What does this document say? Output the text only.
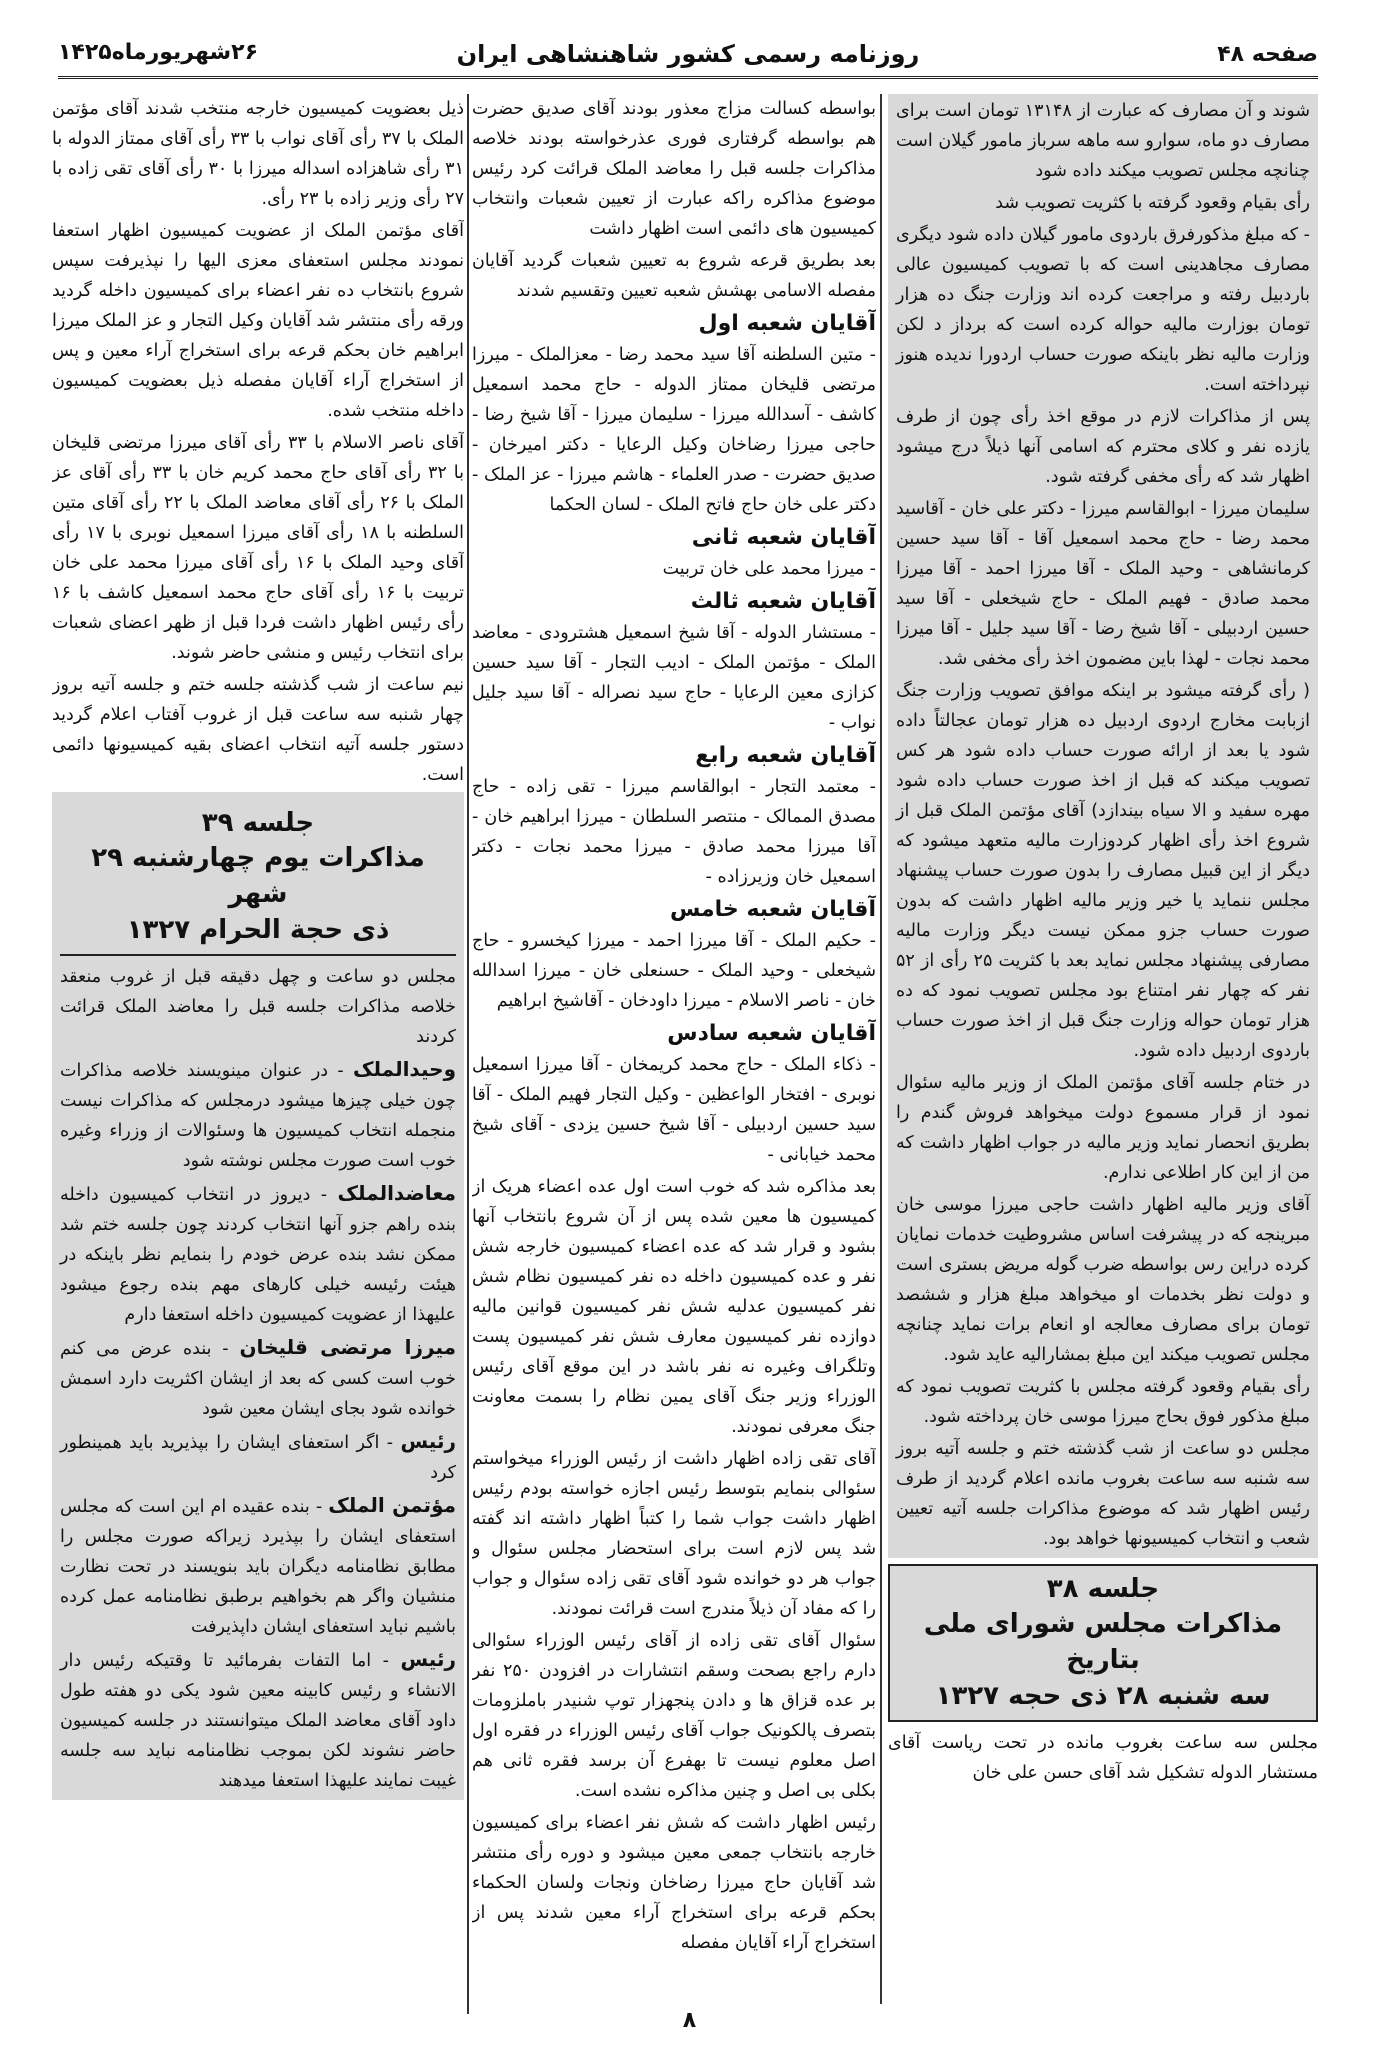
صفحه ۴۸
روزنامه رسمی کشور شاهنشاهی ایران
۲۶شهریورماه۱۴۲۵

شوند و آن مصارف که عبارت از ۱۳۱۴۸ تومان است برای مصارف دو ماه، سوارو سه ماهه سرباز مامور گیلان است چنانچه مجلس تصویب میکند داده شود

رأی بقیام وقعود گرفته با کثریت تصویب شد

- که مبلغ مذکورفرق باردوی مامور گیلان داده شود دیگری مصارف مجاهدینی است که با تصویب کمیسیون عالی باردبیل رفته و مراجعت کرده اند وزارت جنگ ده هزار تومان بوزارت مالیه حواله کرده است که برداز د لکن وزارت مالیه نظر باینکه صورت حساب اردورا ندیده هنوز نپرداخته است.

پس از مذاکرات لازم در موقع اخذ رأی چون از طرف یازده نفر و کلای محترم که اسامی آنها ذیلاً درج میشود اظهار شد که رأی مخفی گرفته شود.

سلیمان میرزا - ابوالقاسم میرزا - دکتر علی خان - آقاسید محمد رضا - حاج محمد اسمعیل آقا - آقا سید حسین کرمانشاهی - وحید الملک - آقا میرزا احمد - آقا میرزا محمد صادق - فهیم الملک - حاج شیخعلی - آقا سید حسین اردبیلی - آقا شیخ رضا - آقا سید جلیل - آقا میرزا محمد نجات - لهذا باین مضمون اخذ رأی مخفی شد.

( رأی گرفته میشود بر اینکه موافق تصویب وزارت جنگ ازبابت مخارج اردوی اردبیل ده هزار تومان عجالتاً داده شود یا بعد از ارائه صورت حساب داده شود هر کس تصویب میکند که قبل از اخذ صورت حساب داده شود مهره سفید و الا سیاه بیندازد) آقای مؤتمن الملک قبل از شروع اخذ رأی اظهار کردوزارت مالیه متعهد میشود که دیگر از این قبیل مصارف را بدون صورت حساب پیشنهاد مجلس ننماید یا خیر وزیر مالیه اظهار داشت که بدون صورت حساب جزو ممکن نیست دیگر وزارت مالیه مصارفی پیشنهاد مجلس نماید بعد با کثریت ۲۵ رأی از ۵۲ نفر که چهار نفر امتناع بود مجلس تصویب نمود که ده هزار تومان حواله وزارت جنگ قبل از اخذ صورت حساب باردوی اردبیل داده شود.

در ختام جلسه آقای مؤتمن الملک از وزیر مالیه سئوال نمود از قرار مسموع دولت میخواهد فروش گندم را بطریق انحصار نماید وزیر مالیه در جواب اظهار داشت که من از این کار اطلاعی ندارم.

آقای وزیر مالیه اظهار داشت حاجی میرزا موسی خان مبرینجه که در پیشرفت اساس مشروطیت خدمات نمایان کرده دراین رس بواسطه ضرب گوله مریض بستری است و دولت نظر بخدمات او میخواهد مبلغ هزار و ششصد تومان برای مصارف معالجه او انعام برات نماید چنانچه مجلس تصویب میکند این مبلغ بمشارالیه عاید شود.

رأی بقیام وقعود گرفته مجلس با کثریت تصویب نمود که مبلغ مذکور فوق بحاج میرزا موسی خان پرداخته شود.

مجلس دو ساعت از شب گذشته ختم و جلسه آتیه بروز سه شنبه سه ساعت بغروب مانده اعلام گردید از طرف رئیس اظهار شد که موضوع مذاکرات جلسه آتیه تعیین شعب و انتخاب کمیسیونها خواهد بود.

جلسه ۳۸
مذاکرات مجلس شورای ملی بتاریخ
سه شنبه ۲۸ ذی حجه ۱۳۲۷

مجلس سه ساعت بغروب مانده در تحت ریاست آقای مستشار الدوله تشکیل شد آقای حسن علی خان

بواسطه کسالت مزاج معذور بودند آقای صدیق حضرت هم بواسطه گرفتاری فوری عذرخواسته بودند خلاصه مذاکرات جلسه قبل را معاضد الملک قرائت کرد رئیس موضوع مذاکره راکه عبارت از تعیین شعبات وانتخاب کمیسیون های دائمی است اظهار داشت

بعد بطریق قرعه شروع به تعیین شعبات گردید آقایان مفصله الاسامی بهشش شعبه تعیین وتقسیم شدند

آقایان شعبه اول

- متین السلطنه آقا سید محمد رضا - معزالملک - میرزا مرتضی قلیخان ممتاز الدوله - حاج محمد اسمعیل کاشف - آسدالله میرزا - سلیمان میرزا - آقا شیخ رضا - حاجی میرزا رضاخان وکیل الرعایا - دکتر امیرخان - صدیق حضرت - صدر العلماء - هاشم میرزا - عز الملک - دکتر علی خان حاج فاتح الملک - لسان الحکما

آقایان شعبه ثانی

- میرزا محمد علی خان تربیت

آقایان شعبه ثالث

- مستشار الدوله - آقا شیخ اسمعیل هشترودی - معاضد الملک - مؤتمن الملک - ادیب التجار - آقا سید حسین کزازی معین الرعایا - حاج سید نصراله - آقا سید جلیل نواب -

آقایان شعبه رابع

- معتمد التجار - ابوالقاسم میرزا - تقی زاده - حاج مصدق الممالک - منتصر السلطان - میرزا ابراهیم خان - آقا میرزا محمد صادق - میرزا محمد نجات - دکتر اسمعیل خان وزیرزاده -

آقایان شعبه خامس

- حکیم الملک - آقا میرزا احمد - میرزا کیخسرو - حاج شیخعلی - وحید الملک - حسنعلی خان - میرزا اسدالله خان - ناصر الاسلام - میرزا داودخان - آقاشیخ ابراهیم

آقایان شعبه سادس

- ذکاء الملک - حاج محمد کریمخان - آقا میرزا اسمعیل نوبری - افتخار الواعظین - وکیل التجار فهیم الملک - آقا سید حسین اردبیلی - آقا شیخ حسین یزدی - آقای شیخ محمد خیابانی -

بعد مذاکره شد که خوب است اول عده اعضاء هریک از کمیسیون ها معین شده پس از آن شروع بانتخاب آنها بشود و قرار شد که عده اعضاء کمیسیون خارجه شش نفر و عده کمیسیون داخله ده نفر کمیسیون نظام شش نفر کمیسیون عدلیه شش نفر کمیسیون قوانین مالیه دوازده نفر کمیسیون معارف شش نفر کمیسیون پست وتلگراف وغیره نه نفر باشد در این موقع آقای رئیس الوزراء وزیر جنگ آقای یمین نظام را بسمت معاونت جنگ معرفی نمودند.

آقای تقی زاده اظهار داشت از رئیس الوزراء میخواستم سئوالی بنمایم بتوسط رئیس اجازه خواسته بودم رئیس اظهار داشت جواب شما را کتباً اظهار داشته اند گفته شد پس لازم است برای استحضار مجلس سئوال و جواب هر دو خوانده شود آقای تقی زاده سئوال و جواب را که مفاد آن ذیلاً مندرج است قرائت نمودند.

سئوال آقای تقی زاده از آقای رئیس الوزراء سئوالی دارم راجع بصحت وسقم انتشارات در افزودن ۲۵۰ نفر بر عده قزاق ها و دادن پنجهزار توپ شنیدر باملزومات بتصرف پالکونیک جواب آقای رئیس الوزراء در فقره اول اصل معلوم نیست تا بهفرع آن برسد فقره ثانی هم بکلی بی اصل و چنین مذاکره نشده است.

رئیس اظهار داشت که شش نفر اعضاء برای کمیسیون خارجه بانتخاب جمعی معین میشود و دوره رأی منتشر شد آقایان حاج میرزا رضاخان ونجات ولسان الحکماء بحکم قرعه برای استخراج آراء معین شدند پس از استخراج آراء آقایان مفصله

ذیل بعضویت کمیسیون خارجه منتخب شدند آقای مؤتمن الملک با ۳۷ رأی آقای نواب با ۳۳ رأی آقای ممتاز الدوله با ۳۱ رأی شاهزاده اسداله میرزا با ۳۰ رأی آقای تقی زاده با ۲۷ رأی وزیر زاده با ۲۳ رأی.

آقای مؤتمن الملک از عضویت کمیسیون اظهار استعفا نمودند مجلس استعفای معزی الیها را نپذیرفت سپس شروع بانتخاب ده نفر اعضاء برای کمیسیون داخله گردید ورقه رأی منتشر شد آقایان وکیل التجار و عز الملک میرزا ابراهیم خان بحکم قرعه برای استخراج آراء معین و پس از استخراج آراء آقایان مفصله ذیل بعضویت کمیسیون داخله منتخب شده.

آقای ناصر الاسلام با ۳۳ رأی آقای میرزا مرتضی قلیخان با ۳۲ رأی آقای حاج محمد کریم خان با ۳۳ رأی آقای عز الملک با ۲۶ رأی آقای معاضد الملک با ۲۲ رأی آقای متین السلطنه با ۱۸ رأی آقای میرزا اسمعیل نوبری با ۱۷ رأی آقای وحید الملک با ۱۶ رأی آقای میرزا محمد علی خان تربیت با ۱۶ رأی آقای حاج محمد اسمعیل کاشف با ۱۶ رأی رئیس اظهار داشت فردا قبل از ظهر اعضای شعبات برای انتخاب رئیس و منشی حاضر شوند.

نیم ساعت از شب گذشته جلسه ختم و جلسه آتیه بروز چهار شنبه سه ساعت قبل از غروب آفتاب اعلام گردید دستور جلسه آتیه انتخاب اعضای بقیه کمیسیونها دائمی است.

جلسه ۳۹
مذاکرات یوم چهارشنبه ۲۹ شهر
ذی حجة الحرام ۱۳۲۷

مجلس دو ساعت و چهل دقیقه قبل از غروب منعقد خلاصه مذاکرات جلسه قبل را معاضد الملک قرائت کردند

وحیدالملک - در عنوان مینویسند خلاصه مذاکرات چون خیلی چیزها میشود درمجلس که مذاکرات نیست منجمله انتخاب کمیسیون ها وسئوالات از وزراء وغیره خوب است صورت مجلس نوشته شود

معاضدالملک - دیروز در انتخاب کمیسیون داخله بنده راهم جزو آنها انتخاب کردند چون جلسه ختم شد ممکن نشد بنده عرض خودم را بنمایم نظر باینکه در هیئت رئیسه خیلی کارهای مهم بنده رجوع میشود علیهذا از عضویت کمیسیون داخله استعفا دارم

میرزا مرتضی قلیخان - بنده عرض می کنم خوب است کسی که بعد از ایشان اکثریت دارد اسمش خوانده شود بجای ایشان معین شود

رئیس - اگر استعفای ایشان را بپذیرید باید همینطور کرد

مؤتمن الملک - بنده عقیده ام این است که مجلس استعفای ایشان را بپذیرد زیراکه صورت مجلس را مطابق نظامنامه دیگران باید بنویسند در تحت نظارت منشیان واگر هم بخواهیم برطبق نظامنامه عمل کرده باشیم نباید استعفای ایشان داپذیرفت

رئیس - اما التفات بفرمائید تا وقتیکه رئیس دار الانشاء و رئیس کابینه معین شود یکی دو هفته طول داود آقای معاضد الملک میتوانستند در جلسه کمیسیون حاضر نشوند لکن بموجب نظامنامه نباید سه جلسه غیبت نمایند علیهذا استعفا میدهند

۸
